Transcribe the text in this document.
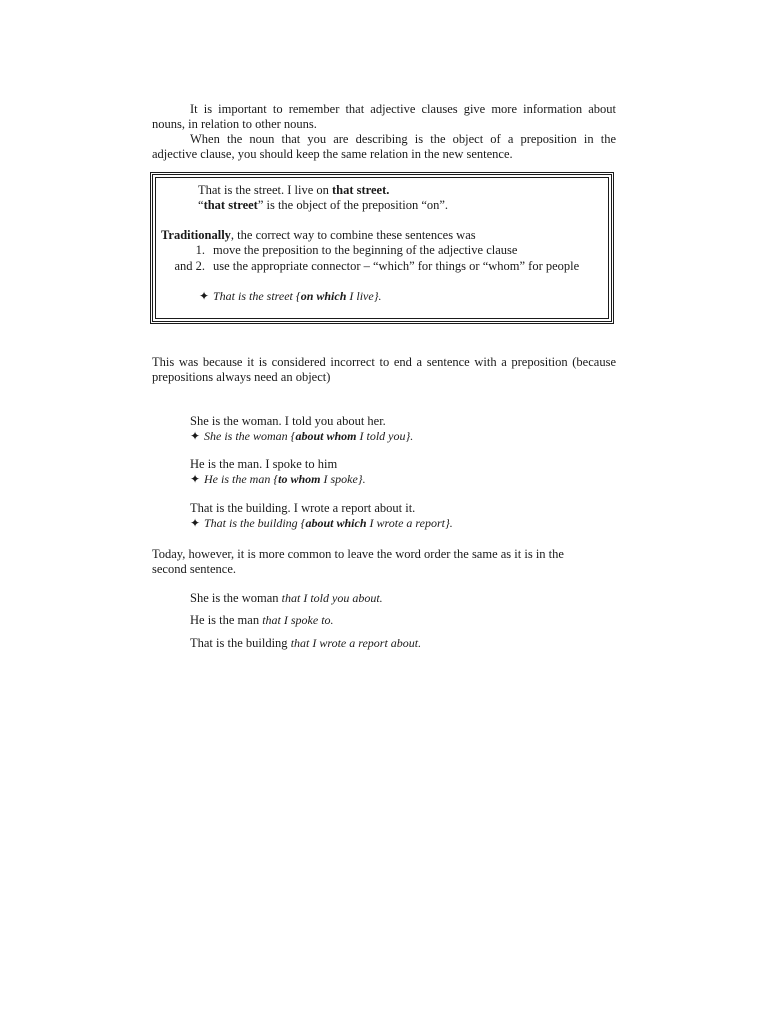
It is important to remember that adjective clauses give more information about
nouns, in relation to other nouns.
When the noun that you are describing is the object of a preposition in the
adjective clause, you should keep the same relation in the new sentence.
That is the street. I live on that street.
“that street” is the object of the preposition “on”.
Traditionally, the correct way to combine these sentences was
1. move the preposition to the beginning of the adjective clause
and 2. use the appropriate connector – “which” for things or “whom” for people
✦ That is the street {on which I live}.
This was because it is considered incorrect to end a sentence with a preposition (because
prepositions always need an object)
She is the woman. I told you about her.
✦ She is the woman {about whom I told you}.
He is the man. I spoke to him
✦ He is the man {to whom I spoke}.
That is the building. I wrote a report about it.
✦ That is the building {about which I wrote a report}.
Today, however, it is more common to leave the word order the same as it is in the
second sentence.
She is the woman that I told you about.
He is the man that I spoke to.
That is the building that I wrote a report about.
